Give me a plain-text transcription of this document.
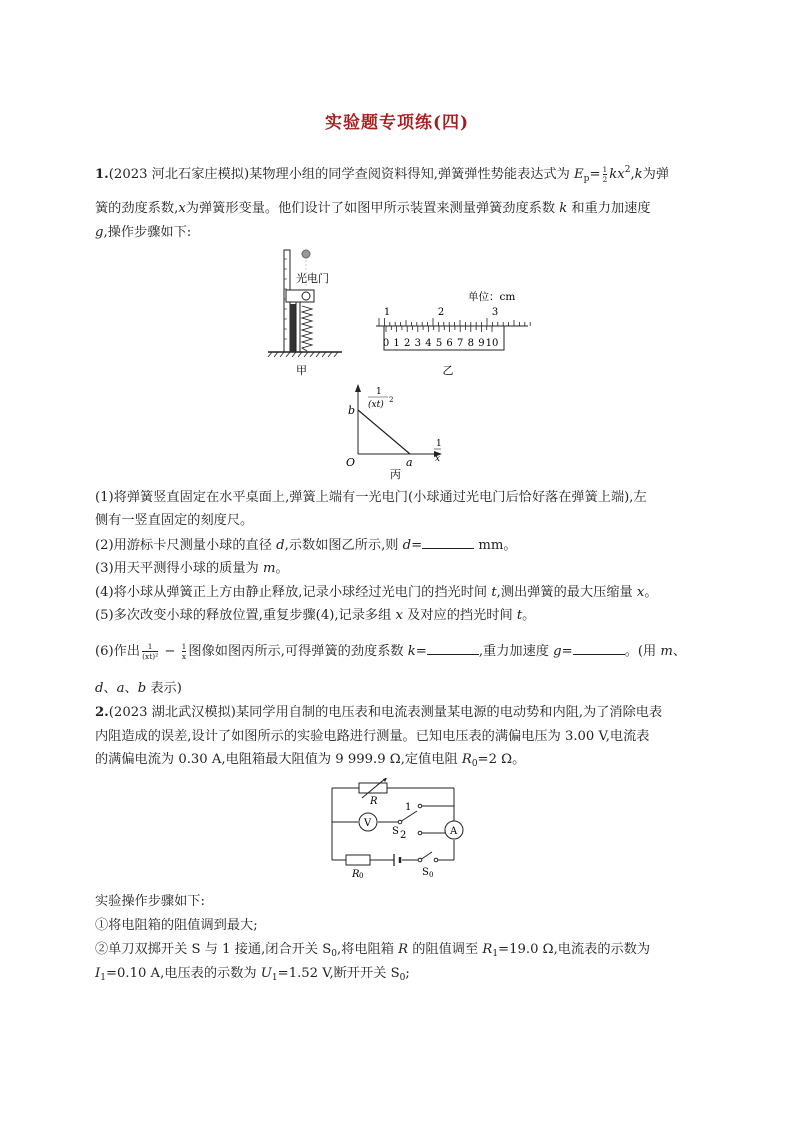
实验题专项练(四)
1.(2023 河北石家庄模拟)某物理小组的同学查阅资料得知,弹簧弹性势能表达式为 $E_p= \frac{1}{2} kx^2,k$为弹
簧的劲度系数,x为弹簧形变量。他们设计了如图甲所示装置来测量弹簧劲度系数 k 和重力加速度
g,操作步骤如下:
光电门
甲
单位：cm
1	2	3
0 1 2 3 4 5 6 7 8 9 10
乙
1
(xt) 2
1
x
b
a
O
丙
(1)将弹簧竖直固定在水平桌面上,弹簧上端有一光电门(小球通过光电门后恰好落在弹簧上端),左
侧有一竖直固定的刻度尺。
(2)用游标卡尺测量小球的直径 d,示数如图乙所示,则 d=	mm。
(3)用天平测得小球的质量为 m。
(4)将小球从弹簧正上方由静止释放,记录小球经过光电门的挡光时间 t,测出弹簧的最大压缩量 x。
(5)多次改变小球的释放位置,重复步骤(4),记录多组 x 及对应的挡光时间 t。
(6)作出 $\frac{1}{\text{(xt)²}} - \frac{1}{x}$ 图像如图丙所示,可得弹簧的劲度系数 k=	,重力加速度 g=	。(用 m、
d、a、b 表示)
2.(2023 湖北武汉模拟)某同学用自制的电压表和电流表测量某电源的电动势和内阻,为了消除电表
内阻造成的误差,设计了如图所示的实验电路进行测量。已知电压表的满偏电压为 3.00 V,电流表
的满偏电流为 0.30 A,电阻箱最大阻值为 9 999.9 Ω,定值电阻 $R_0=2$ Ω。
R
V
A
1
2
S
R 0	S 0
实验操作步骤如下:
①将电阻箱的阻值调到最大;
②单刀双掷开关 S 与 1 接通,闭合开关 $S_0$,将电阻箱 R 的阻值调至 $R_1=19.0$ Ω,电流表的示数为
$I_1=0.10$ A,电压表的示数为 $U_1=1.52$ V,断开开关 $S_0$;
